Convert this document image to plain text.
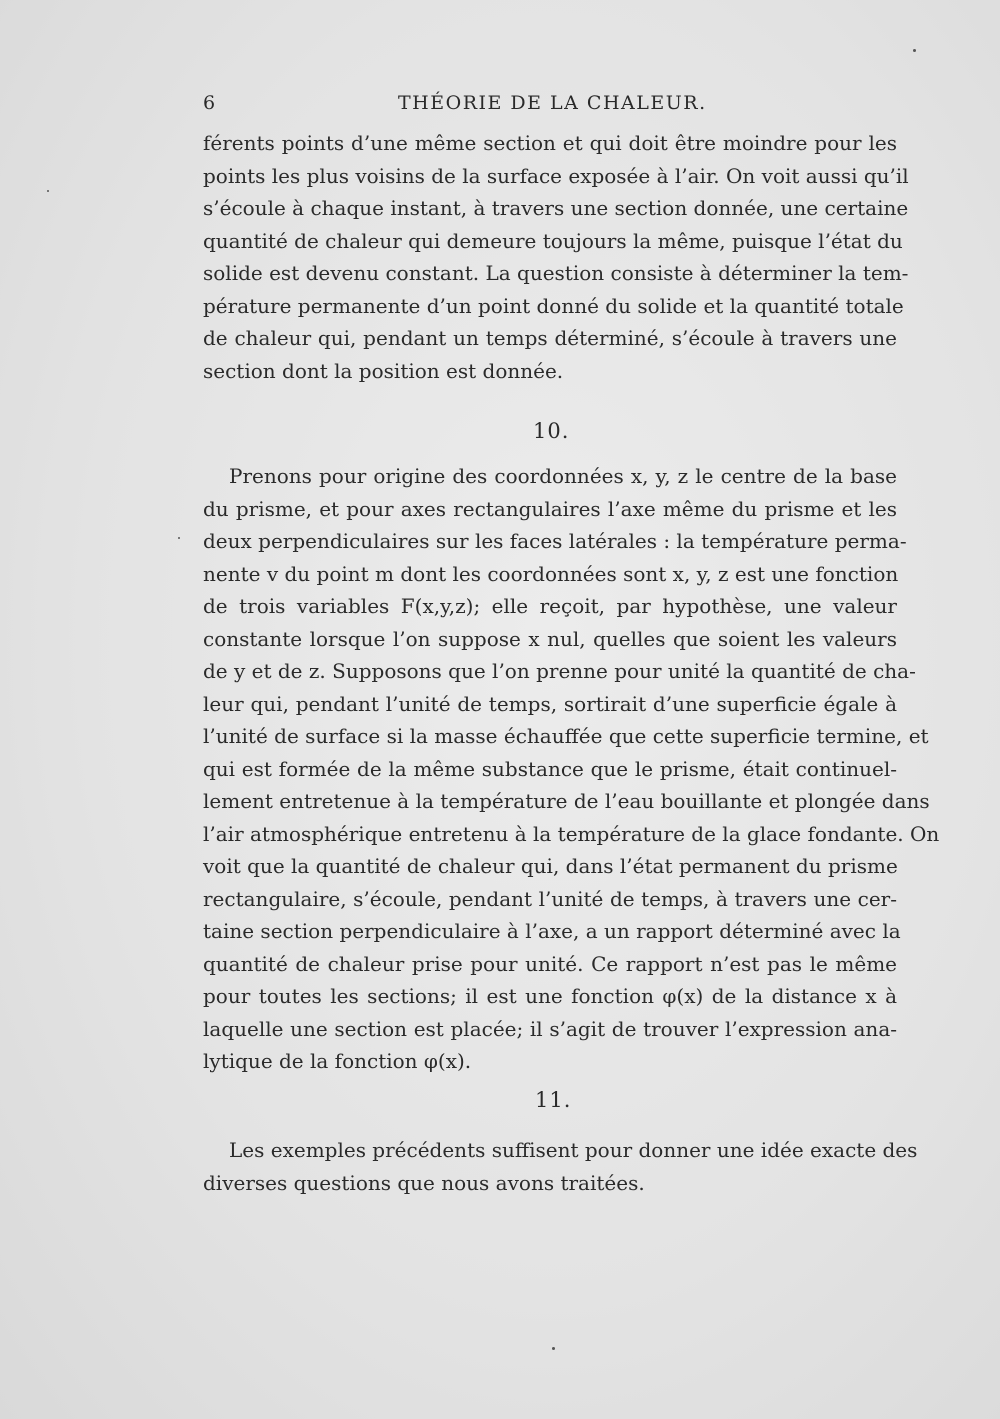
6	THÉORIE DE LA CHALEUR.
férents points d’une même section et qui doit être moindre pour les
points les plus voisins de la surface exposée à l’air. On voit aussi qu’il
s’écoule à chaque instant, à travers une section donnée, une certaine
quantité de chaleur qui demeure toujours la même, puisque l’état du
solide est devenu constant. La question consiste à déterminer la tem-
pérature permanente d’un point donné du solide et la quantité totale
de chaleur qui, pendant un temps déterminé, s’écoule à travers une
section dont la position est donnée.
10.
Prenons pour origine des coordonnées x, y, z le centre de la base
du prisme, et pour axes rectangulaires l’axe même du prisme et les
deux perpendiculaires sur les faces latérales : la température perma-
nente v du point m dont les coordonnées sont x, y, z est une fonction
de trois variables F(x,y,z); elle reçoit, par hypothèse, une valeur
constante lorsque l’on suppose x nul, quelles que soient les valeurs
de y et de z. Supposons que l’on prenne pour unité la quantité de cha-
leur qui, pendant l’unité de temps, sortirait d’une superficie égale à
l’unité de surface si la masse échauffée que cette superficie termine, et
qui est formée de la même substance que le prisme, était continuel-
lement entretenue à la température de l’eau bouillante et plongée dans
l’air atmosphérique entretenu à la température de la glace fondante. On
voit que la quantité de chaleur qui, dans l’état permanent du prisme
rectangulaire, s’écoule, pendant l’unité de temps, à travers une cer-
taine section perpendiculaire à l’axe, a un rapport déterminé avec la
quantité de chaleur prise pour unité. Ce rapport n’est pas le même
pour toutes les sections; il est une fonction φ(x) de la distance x à
laquelle une section est placée; il s’agit de trouver l’expression ana-
lytique de la fonction φ(x).
11.
Les exemples précédents suffisent pour donner une idée exacte des
diverses questions que nous avons traitées.
